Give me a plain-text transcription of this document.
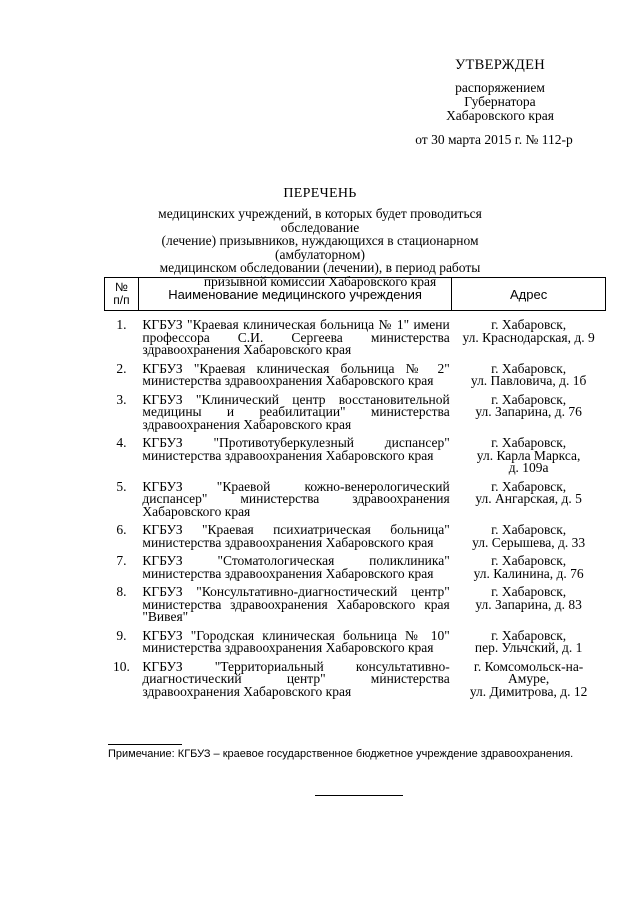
УТВЕРЖДЕН
распоряжением
Губернатора
Хабаровского края
от 30 марта 2015 г. № 112-р
ПЕРЕЧЕНЬ
медицинских учреждений, в которых будет проводиться обследование
(лечение) призывников, нуждающихся в стационарном (амбулаторном)
медицинском обследовании (лечении), в период работы
призывной комиссии Хабаровского края
№
п/п	Наименование медицинского учреждения	Адрес
1.	КГБУЗ "Краевая клиническая больница № 1" имени профессора С.И. Сергеева министерства здравоохранения Хабаровского края	г. Хабаровск,
ул. Краснодарская, д. 9

2.	КГБУЗ "Краевая клиническая больница № 2" министерства здравоохранения Хабаровского края	г. Хабаровск,
ул. Павловича, д. 1б

3.	КГБУЗ "Клинический центр восстановительной медицины и реабилитации" министерства здравоохранения Хабаровского края	г. Хабаровск,
ул. Запарина, д. 76

4.	КГБУЗ "Противотуберкулезный диспансер" министерства здравоохранения Хабаровского края	г. Хабаровск,
ул. Карла Маркса,
д. 109а

5.	КГБУЗ "Краевой кожно-венерологический диспансер" министерства здравоохранения Хабаровского края	г. Хабаровск,
ул. Ангарская, д. 5

6.	КГБУЗ "Краевая психиатрическая больница" министерства здравоохранения Хабаровского края	г. Хабаровск,
ул. Серышева, д. 33

7.	КГБУЗ "Стоматологическая поликлиника" министерства здравоохранения Хабаровского края	г. Хабаровск,
ул. Калинина, д. 76

8.	КГБУЗ "Консультативно-диагностический центр" министерства здравоохранения Хабаровского края "Вивея"	г. Хабаровск,
ул. Запарина, д. 83

9.	КГБУЗ "Городская клиническая больница № 10" министерства здравоохранения Хабаровского края	г. Хабаровск,
пер. Ульчский, д. 1

10.	КГБУЗ "Территориальный консультативно-диагностический центр" министерства здравоохранения Хабаровского края	г. Комсомольск-на-
Амуре,
ул. Димитрова, д. 12
Примечание: КГБУЗ – краевое государственное бюджетное учреждение здравоохранения.
